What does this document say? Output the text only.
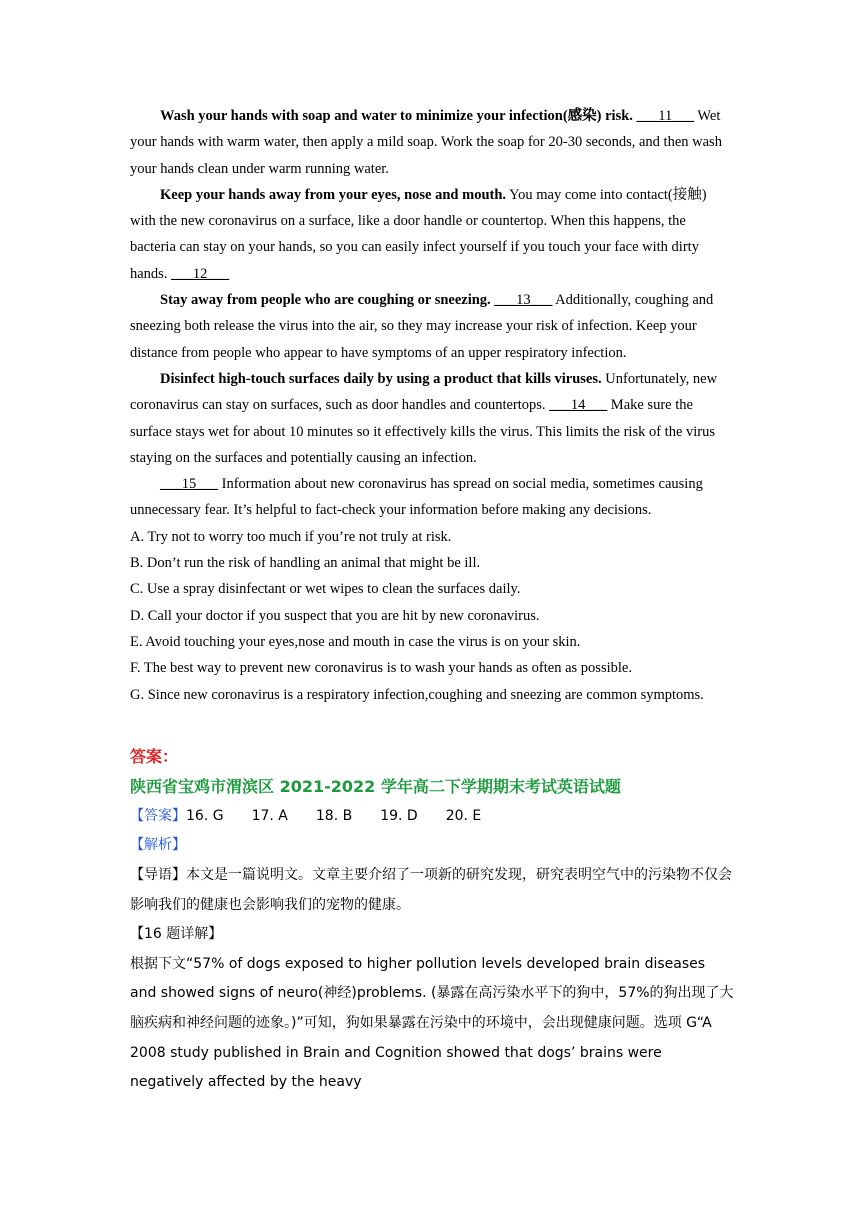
Wash your hands with soap and water to minimize your infection(感染) risk. ___11___ Wet your hands with warm water, then apply a mild soap. Work the soap for 20-30 seconds, and then wash your hands clean under warm running water.

Keep your hands away from your eyes, nose and mouth. You may come into contact(接触) with the new coronavirus on a surface, like a door handle or countertop. When this happens, the bacteria can stay on your hands, so you can easily infect yourself if you touch your face with dirty hands. ___12___

Stay away from people who are coughing or sneezing. ___13___ Additionally, coughing and sneezing both release the virus into the air, so they may increase your risk of infection. Keep your distance from people who appear to have symptoms of an upper respiratory infection.

Disinfect high-touch surfaces daily by using a product that kills viruses. Unfortunately, new coronavirus can stay on surfaces, such as door handles and countertops. ___14___ Make sure the surface stays wet for about 10 minutes so it effectively kills the virus. This limits the risk of the virus staying on the surfaces and potentially causing an infection.

___15___ Information about new coronavirus has spread on social media, sometimes causing unnecessary fear. It’s helpful to fact-check your information before making any decisions.

A. Try not to worry too much if you’re not truly at risk.

B. Don’t run the risk of handling an animal that might be ill.

C. Use a spray disinfectant or wet wipes to clean the surfaces daily.

D. Call your doctor if you suspect that you are hit by new coronavirus.

E. Avoid touching your eyes,nose and mouth in case the virus is on your skin.

F. The best way to prevent new coronavirus is to wash your hands as often as possible.

G. Since new coronavirus is a respiratory infection,coughing and sneezing are common symptoms.

答案：

陕西省宝鸡市渭滨区 2021-2022 学年高二下学期期末考试英语试题

【答案】16. G 17. A 18. B 19. D 20. E

【解析】

【导语】本文是一篇说明文。文章主要介绍了一项新的研究发现，研究表明空气中的污染物不仅会影响我们的健康也会影响我们的宠物的健康。

【16 题详解】

根据下文“57% of dogs exposed to higher pollution levels developed brain diseases and showed signs of neuro(神经)problems. (暴露在高污染水平下的狗中，57%的狗出现了大脑疾病和神经问题的迹象。)”可知，狗如果暴露在污染中的环境中，会出现健康问题。选项 G“A 2008 study published in Brain and Cognition showed that dogs’ brains were negatively affected by the heavy
